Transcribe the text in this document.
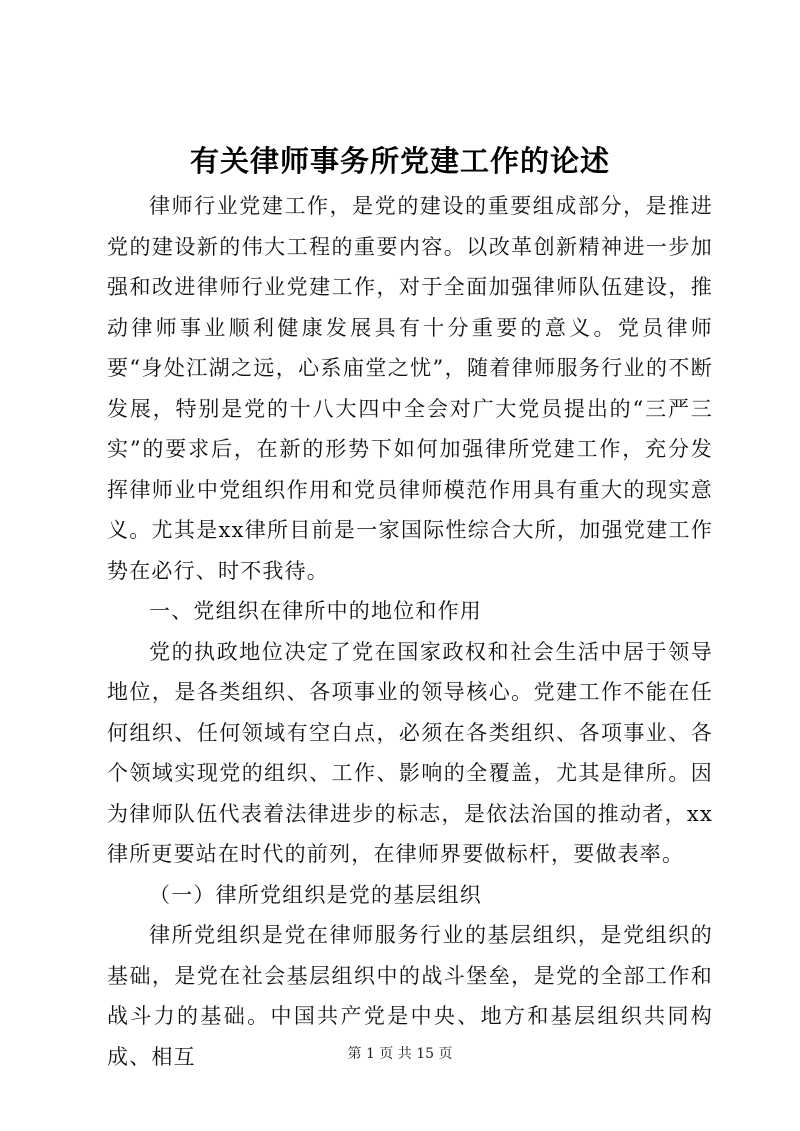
有关律师事务所党建工作的论述

律师行业党建工作，是党的建设的重要组成部分，是推进党的建设新的伟大工程的重要内容。以改革创新精神进一步加强和改进律师行业党建工作，对于全面加强律师队伍建设，推动律师事业顺利健康发展具有十分重要的意义。党员律师要“身处江湖之远，心系庙堂之忧”，随着律师服务行业的不断发展，特别是党的十八大四中全会对广大党员提出的“三严三实”的要求后，在新的形势下如何加强律所党建工作，充分发挥律师业中党组织作用和党员律师模范作用具有重大的现实意义。尤其是xx律所目前是一家国际性综合大所，加强党建工作势在必行、时不我待。

一、党组织在律所中的地位和作用

党的执政地位决定了党在国家政权和社会生活中居于领导地位，是各类组织、各项事业的领导核心。党建工作不能在任何组织、任何领域有空白点，必须在各类组织、各项事业、各个领域实现党的组织、工作、影响的全覆盖，尤其是律所。因为律师队伍代表着法律进步的标志，是依法治国的推动者，xx律所更要站在时代的前列，在律师界要做标杆，要做表率。

（一）律所党组织是党的基层组织

律所党组织是党在律师服务行业的基层组织，是党组织的基础，是党在社会基层组织中的战斗堡垒，是党的全部工作和战斗力的基础。中国共产党是中央、地方和基层组织共同构成、相互	第 1 页 共 15 页
